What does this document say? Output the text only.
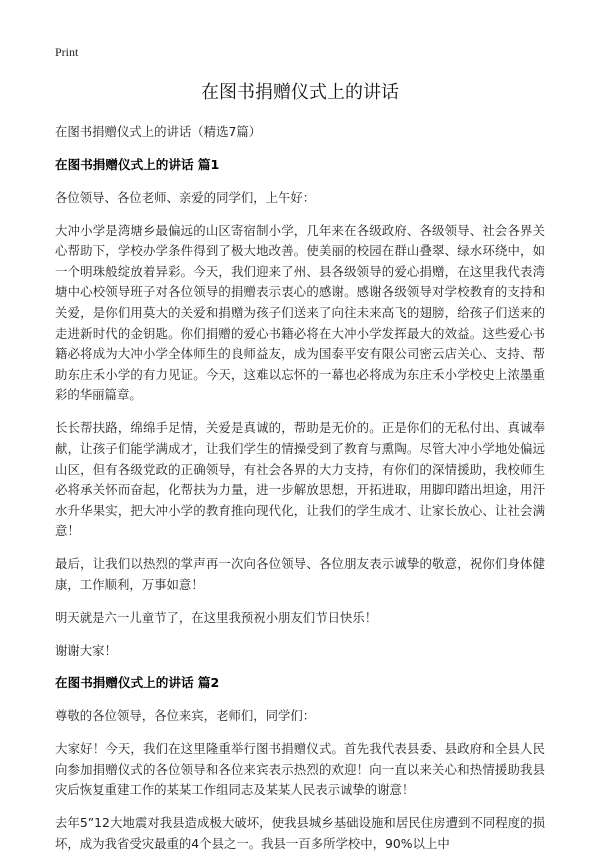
Print
在图书捐赠仪式上的讲话

在图书捐赠仪式上的讲话（精选7篇）

在图书捐赠仪式上的讲话 篇1

各位领导、各位老师、亲爱的同学们，上午好：

大冲小学是湾塘乡最偏远的山区寄宿制小学，几年来在各级政府、各级领导、社会各界关心帮助下，学校办学条件得到了极大地改善。使美丽的校园在群山叠翠、绿水环绕中，如一个明珠般绽放着异彩。今天，我们迎来了州、县各级领导的爱心捐赠，在这里我代表湾塘中心校领导班子对各位领导的捐赠表示衷心的感谢。感谢各级领导对学校教育的支持和关爱，是你们用莫大的关爱和捐赠为孩子们送来了向往未来高飞的翅膀，给孩子们送来的走进新时代的金钥匙。你们捐赠的爱心书籍必将在大冲小学发挥最大的效益。这些爱心书籍必将成为大冲小学全体师生的良师益友，成为国泰平安有限公司密云店关心、支持、帮助东庄禾小学的有力见证。今天，这难以忘怀的一幕也必将成为东庄禾小学校史上浓墨重彩的华丽篇章。

长长帮扶路，绵绵手足情，关爱是真诚的，帮助是无价的。正是你们的无私付出、真诚奉献，让孩子们能学满成才，让我们学生的情操受到了教育与熏陶。尽管大冲小学地处偏远山区，但有各级党政的正确领导，有社会各界的大力支持，有你们的深情援助，我校师生必将承关怀而奋起，化帮扶为力量，进一步解放思想，开拓进取，用脚印踏出坦途，用汗水升华果实，把大冲小学的教育推向现代化，让我们的学生成才、让家长放心、让社会满意！

最后，让我们以热烈的掌声再一次向各位领导、各位朋友表示诚挚的敬意，祝你们身体健康，工作顺利，万事如意！

明天就是六一儿童节了，在这里我预祝小朋友们节日快乐！

谢谢大家！

在图书捐赠仪式上的讲话 篇2

尊敬的各位领导，各位来宾，老师们，同学们：

大家好！今天，我们在这里隆重举行图书捐赠仪式。首先我代表县委、县政府和全县人民向参加捐赠仪式的各位领导和各位来宾表示热烈的欢迎！向一直以来关心和热情援助我县灾后恢复重建工作的某某工作组同志及某某人民表示诚挚的谢意！

去年5”12大地震对我县造成极大破坏，使我县城乡基础设施和居民住房遭到不同程度的损坏，成为我省受灾最重的4个县之一。我县一百多所学校中，90%以上中
